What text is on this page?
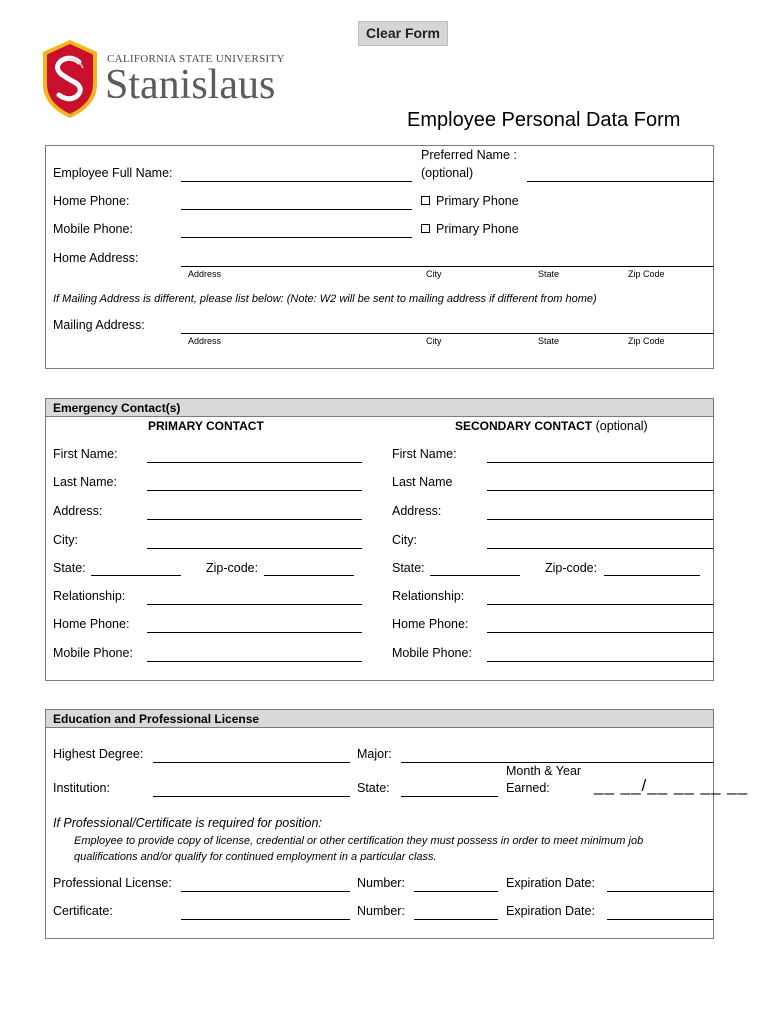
Clear Form
CALIFORNIA STATE UNIVERSITY
Stanislaus
Employee Personal Data Form
Employee Full Name:
Preferred Name :
(optional)
Home Phone:	Primary Phone
Mobile Phone:	Primary Phone
Home Address:
Address	City	State	Zip Code
If Mailing Address is different, please list below: (Note: W2 will be sent to mailing address if different from home)
Mailing Address:
Address	City	State	Zip Code
Emergency Contact(s)
PRIMARY CONTACT	SECONDARY CONTACT (optional)
First Name:
Last Name:
Address:
City:
State:	Zip-code:
Relationship:
Home Phone:
Mobile Phone:
First Name:
Last Name
Address:
City:
State:	Zip-code:
Relationship:
Home Phone:
Mobile Phone:
Education and Professional License
Highest Degree:	Major:
Institution:	State:
Month & Year
Earned:	__ __/__ __ __ __
If Professional/Certificate is required for position:
Employee to provide copy of license, credential or other certification they must possess in order to meet minimum job
qualifications and/or qualify for continued employment in a particular class.
Professional License:	Number:	Expiration Date:
Certificate:	Number:	Expiration Date:
